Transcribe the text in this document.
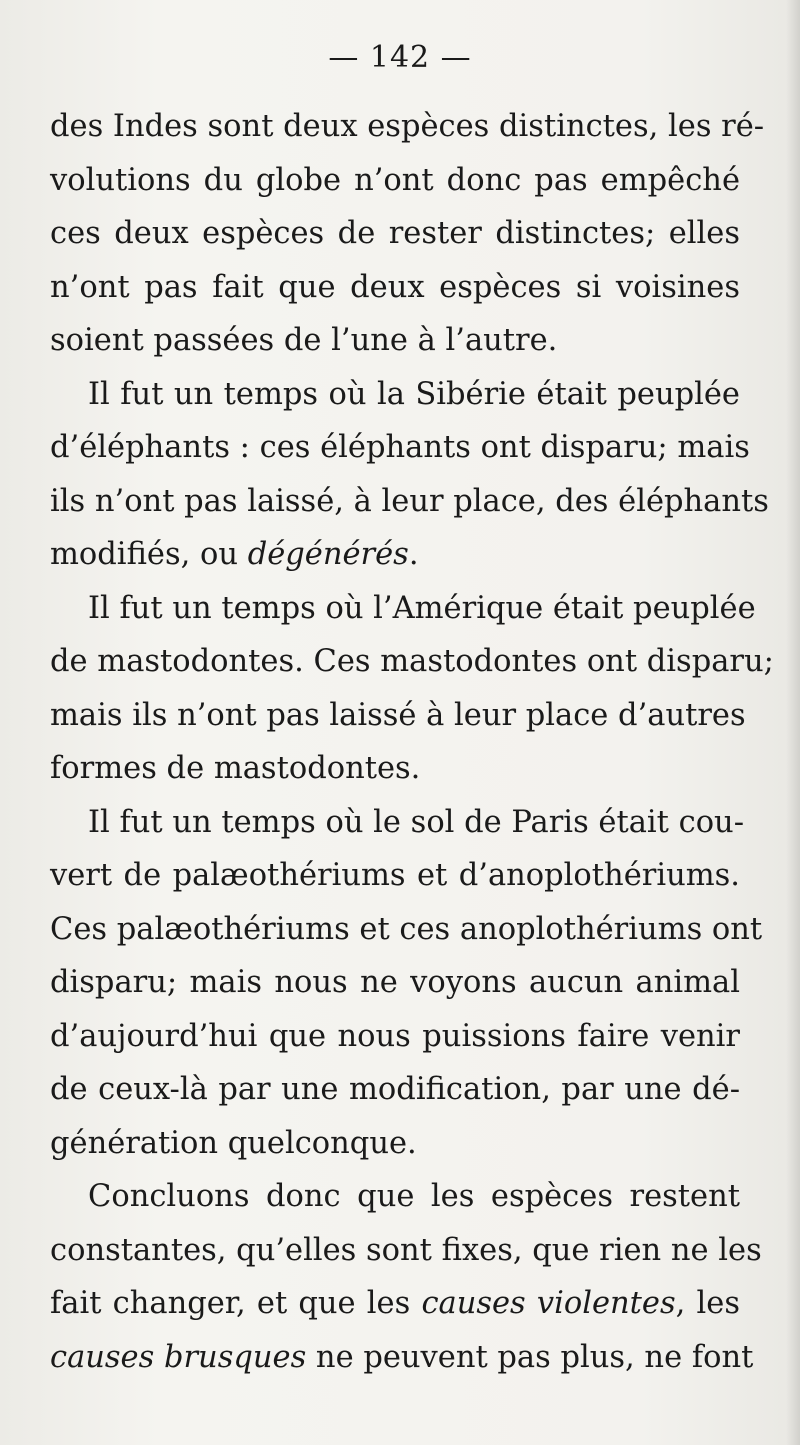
— 142 —
des Indes sont deux espèces distinctes, les ré-
volutions du globe n’ont donc pas empêché
ces deux espèces de rester distinctes; elles
n’ont pas fait que deux espèces si voisines
soient passées de l’une à l’autre.
Il fut un temps où la Sibérie était peuplée
d’éléphants : ces éléphants ont disparu; mais
ils n’ont pas laissé, à leur place, des éléphants
modifiés, ou dégénérés.
Il fut un temps où l’Amérique était peuplée
de mastodontes. Ces mastodontes ont disparu;
mais ils n’ont pas laissé à leur place d’autres
formes de mastodontes.
Il fut un temps où le sol de Paris était cou-
vert de palæothériums et d’anoplothériums.
Ces palæothériums et ces anoplothériums ont
disparu; mais nous ne voyons aucun animal
d’aujourd’hui que nous puissions faire venir
de ceux-là par une modification, par une dé-
génération quelconque.
Concluons donc que les espèces restent
constantes, qu’elles sont fixes, que rien ne les
fait changer, et que les causes violentes, les
causes brusques ne peuvent pas plus, ne font
